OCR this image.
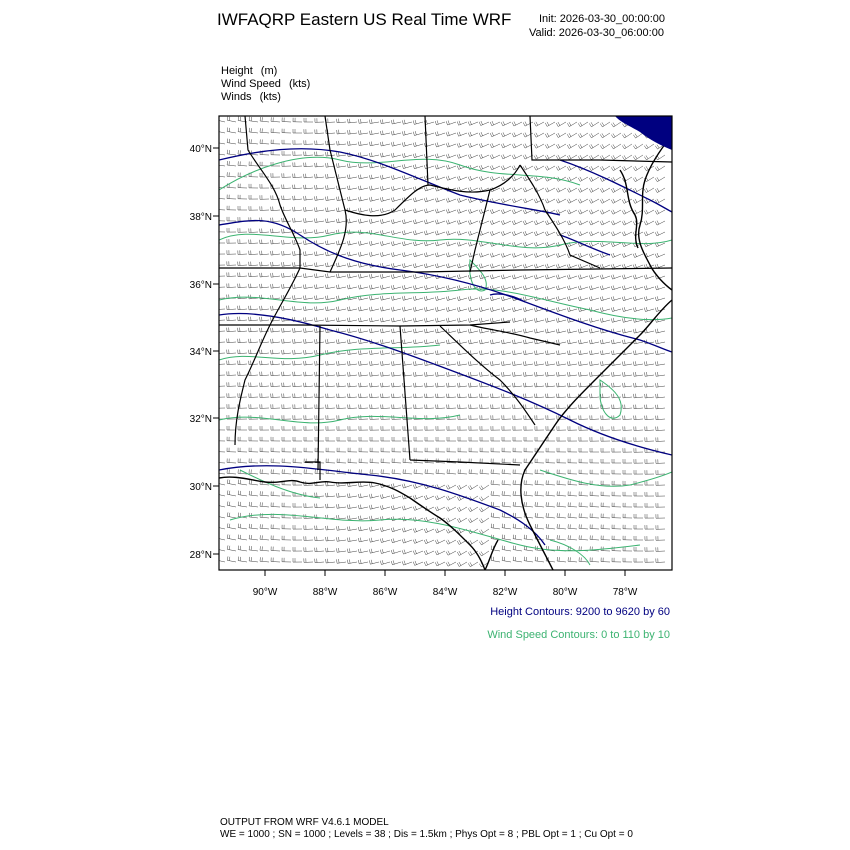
IWFAQRP Eastern US Real Time WRF	Init: 2026-03-30_00:00:00
Valid: 2026-03-30_06:00:00
Height (m)
Wind Speed (kts)
Winds (kts)
40°N
38°N
36°N
34°N
32°N
30°N
28°N
90°W	88°W	86°W	84°W	82°W	80°W	78°W
Height Contours: 9200 to 9620 by 60
Wind Speed Contours: 0 to 110 by 10
OUTPUT FROM WRF V4.6.1 MODEL
WE = 1000 ; SN = 1000 ; Levels = 38 ; Dis = 1.5km ; Phys Opt = 8 ; PBL Opt = 1 ; Cu Opt = 0
